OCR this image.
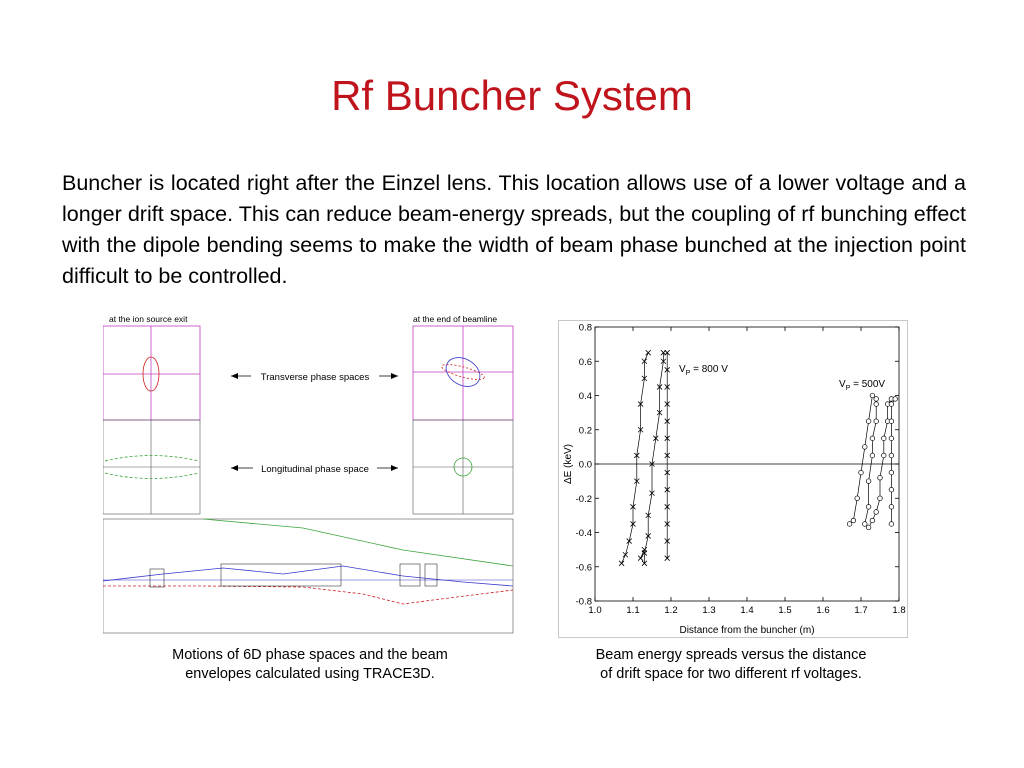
Rf Buncher System
Buncher is located right after the Einzel lens. This location allows use of a lower voltage and a longer drift space. This can reduce beam-energy spreads, but the coupling of rf bunching effect with the dipole bending seems to make the width of beam phase bunched at the injection point difficult to be controlled.
at the ion source exit	at the end of beamline
Transverse phase spaces
Longitudinal phase space
1.0	1.1	1.2	1.3	1.4	1.5	1.6	1.7	1.8
0.8
0.6
0.4
0.2
0.0
-0.2
-0.4
-0.6
-0.8
Distance from the buncher (m)
ΔE (keV)
$V_P = 800$ V
$V_P = 500V$
Motions of 6D phase spaces and the beam
envelopes calculated using TRACE3D.
Beam energy spreads versus the distance
of drift space for two different rf voltages.
